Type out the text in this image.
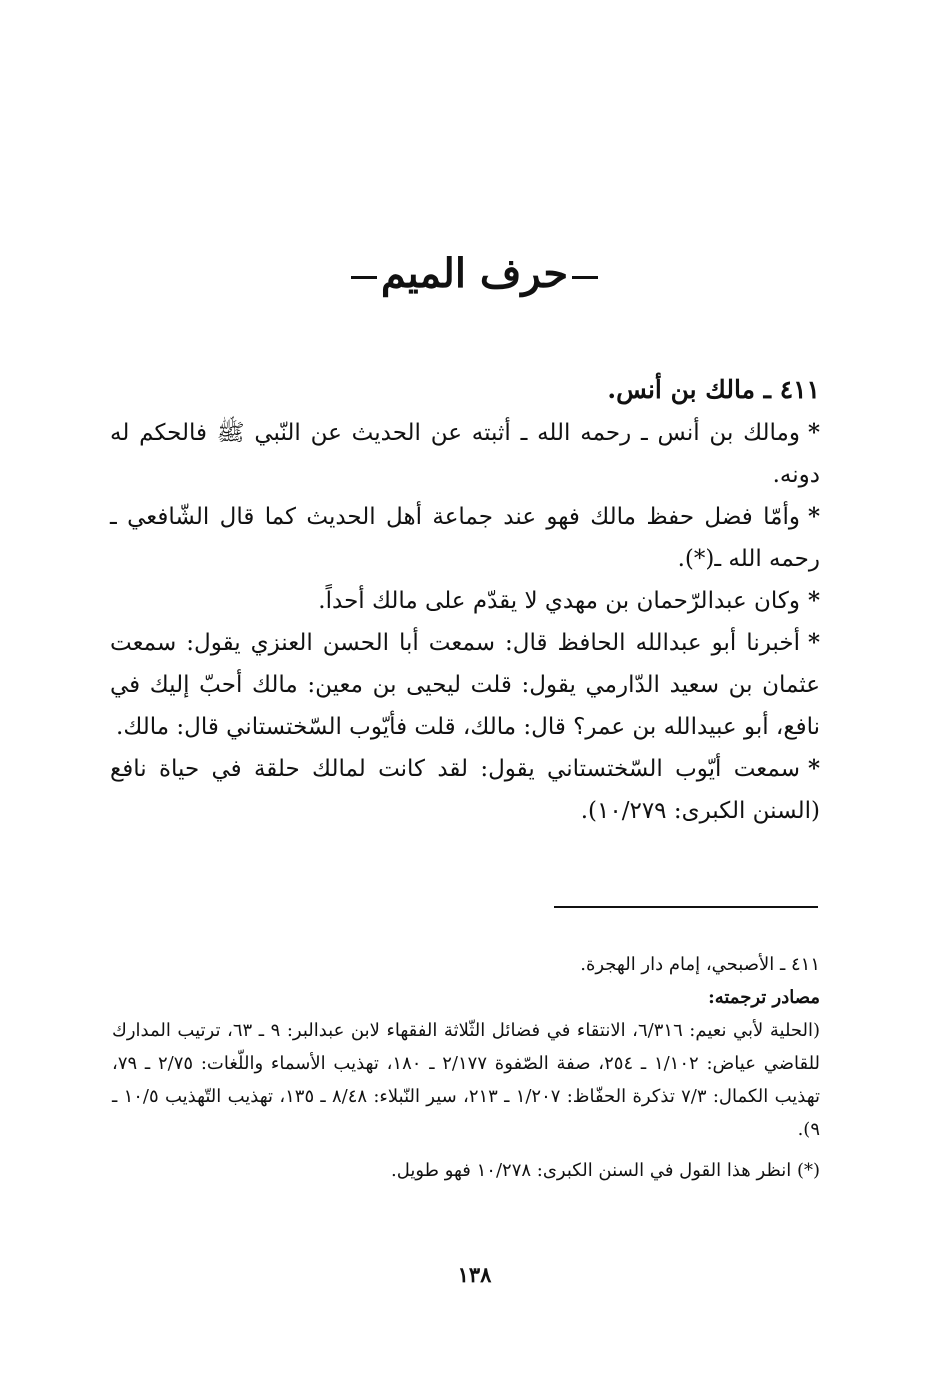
حرف الميم

٤١١ ـ مالك بن أنس.

*ومالك بن أنس ـ رحمه الله ـ أثبته عن الحديث عن النّبي ﷺ فالحكم له دونه.

*وأمّا فضل حفظ مالك فهو عند جماعة أهل الحديث كما قال الشّافعي ـ رحمه الله ـ(*).

*وكان عبدالرّحمان بن مهدي لا يقدّم على مالك أحداً.

*أخبرنا أبو عبدالله الحافظ قال: سمعت أبا الحسن العنزي يقول: سمعت عثمان بن سعيد الدّارمي يقول: قلت ليحيى بن معين: مالك أحبّ إليك في نافع، أبو عبيدالله بن عمر؟ قال: مالك، قلت فأيّوب السّختستاني قال: مالك.

*سمعت أيّوب السّختستاني يقول: لقد كانت لمالك حلقة في حياة نافع (السنن الكبرى: ١٠/٢٧٩).

٤١١ ـ الأصبحي، إمام دار الهجرة.

مصادر ترجمته:

(الحلية لأبي نعيم: ٦/٣١٦، الانتقاء في فضائل الثّلاثة الفقهاء لابن عبدالبر: ٩ ـ ٦٣، ترتيب المدارك للقاضي عياض: ١/١٠٢ ـ ٢٥٤، صفة الصّفوة ٢/١٧٧ ـ ١٨٠، تهذيب الأسماء واللّغات: ٢/٧٥ ـ ٧٩، تهذيب الكمال: ٧/٣ تذكرة الحفّاظ: ١/٢٠٧ ـ ٢١٣، سير النّبلاء: ٨/٤٨ ـ ١٣٥، تهذيب التّهذيب ١٠/٥ ـ ٩).

(*) انظر هذا القول في السنن الكبرى: ١٠/٢٧٨ فهو طويل.

١٣٨
